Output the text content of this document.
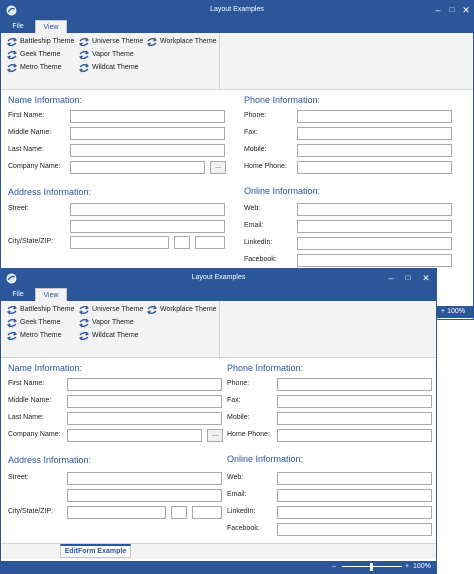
Layout Examples	–	□ ✕
File	View
Battleship Theme
Geek Theme
Metro Theme
Universe Theme
Vapor Theme
Wildcat Theme
Workplace Theme
Name Information:
First Name:
Middle Name:
Last Name:
Company Name:	...
Address Information:
Street:
City/State/ZIP:
Phone Information:
Phone:
Fax:
Mobile:
Home Phone:
Online Information:
Web:
Email:
LinkedIn:
Facebook:
+ 100%
Layout Examples	–	□	✕
File	View
Battleship Theme
Geek Theme
Metro Theme
Universe Theme
Vapor Theme
Wildcat Theme
Workplace Theme
Name Information:
First Name:
Middle Name:
Last Name:
Company Name:	...
Address Information:
Street:
City/State/ZIP:
Phone Information:
Phone:
Fax:
Mobile:
Home Phone:
Online Information:
Web:
Email:
LinkedIn:
Facebook:
EditForm Example
–	+ 100%
